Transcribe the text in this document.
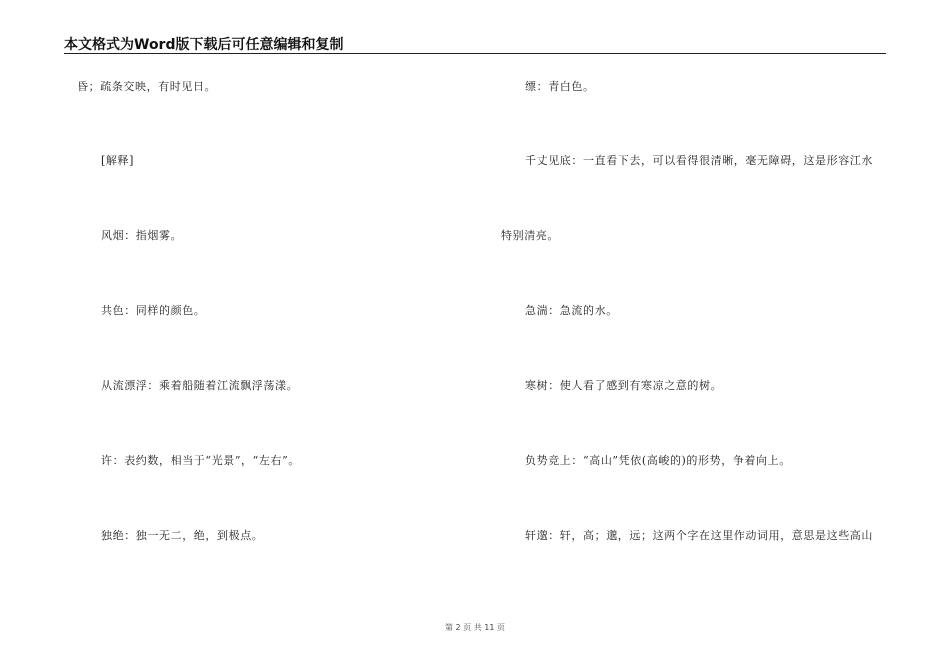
本文格式为Word版下载后可任意编辑和复制
昏；疏条交映，有时见日。
[解释]
风烟：指烟雾。
共色：同样的颜色。
从流漂浮：乘着船随着江流飘浮荡漾。
许：表约数，相当于“光景”，“左右”。
独绝：独一无二，绝，到极点。
缥：青白色。
千丈见底：一直看下去，可以看得很清晰，毫无障碍，这是形容江水
特别清亮。
急湍：急流的水。
寒树：使人看了感到有寒凉之意的树。
负势竞上：“高山”凭依(高峻的)的形势，争着向上。
轩邈：轩，高；邈，远；这两个字在这里作动词用，意思是这些高山
第 2 页 共 11 页
